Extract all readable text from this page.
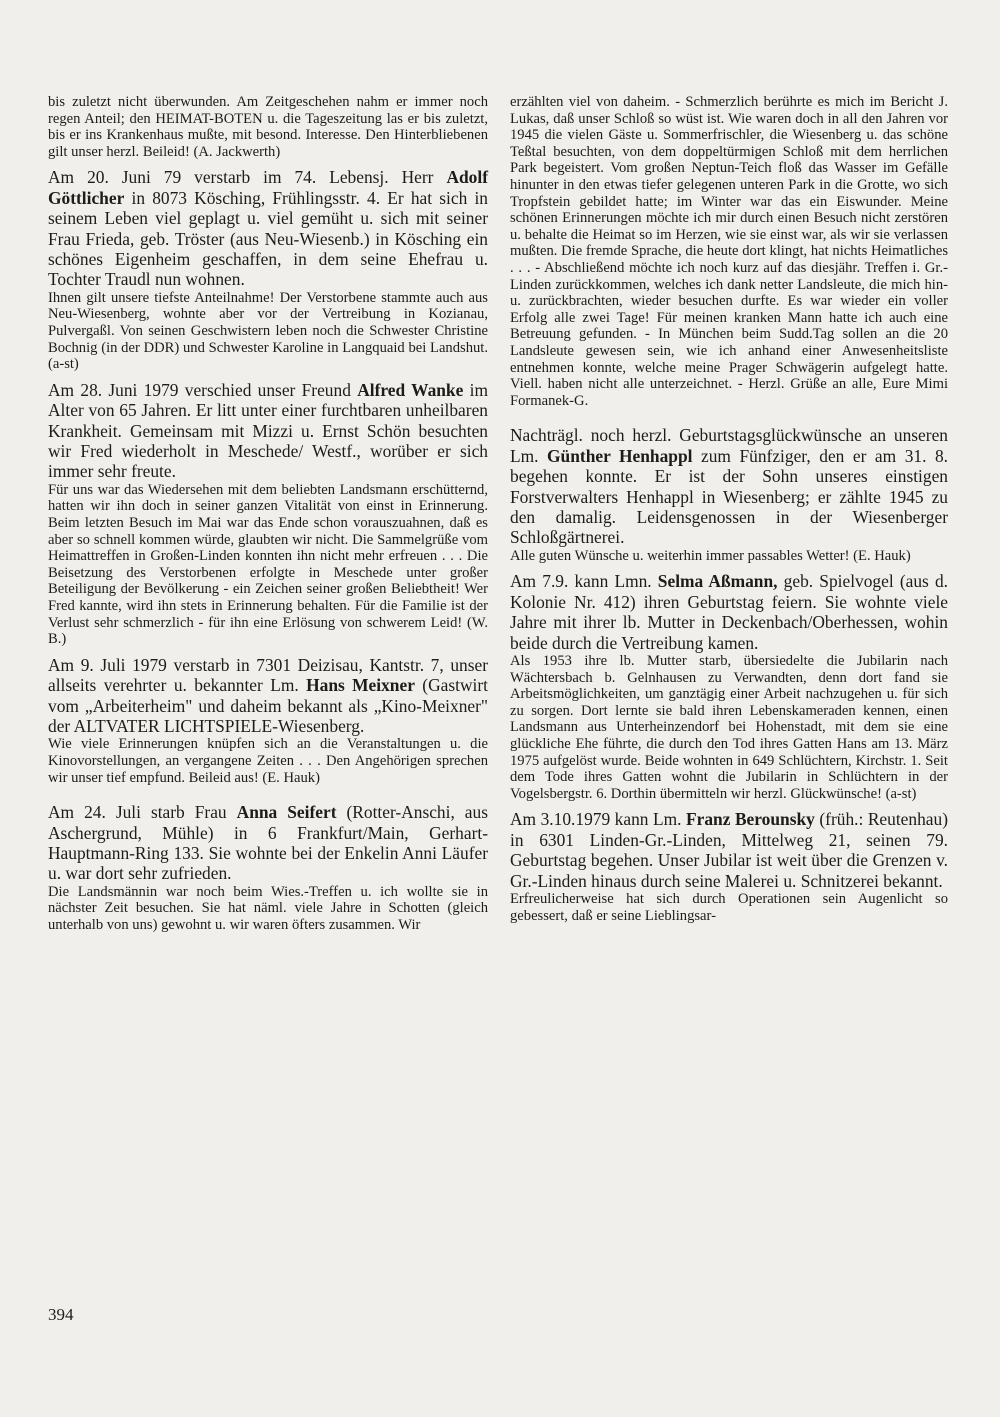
bis zuletzt nicht überwunden. Am Zeitgeschehen nahm er immer noch regen Anteil; den HEIMAT-BOTEN u. die Tageszeitung las er bis zuletzt, bis er ins Krankenhaus mußte, mit besond. Interesse. Den Hinterbliebenen gilt unser herzl. Beileid! (A. Jackwerth)

Am 20. Juni 79 verstarb im 74. Lebensj. Herr Adolf Göttlicher in 8073 Kösching, Frühlingsstr. 4. Er hat sich in seinem Leben viel geplagt u. viel gemüht u. sich mit seiner Frau Frieda, geb. Tröster (aus Neu-Wiesenb.) in Kösching ein schönes Eigenheim geschaffen, in dem seine Ehefrau u. Tochter Traudl nun wohnen.

Ihnen gilt unsere tiefste Anteilnahme! Der Verstorbene stammte auch aus Neu-Wiesenberg, wohnte aber vor der Vertreibung in Kozianau, Pulvergaßl. Von seinen Geschwistern leben noch die Schwester Christine Bochnig (in der DDR) und Schwester Karoline in Langquaid bei Landshut. (a-st)

Am 28. Juni 1979 verschied unser Freund Alfred Wanke im Alter von 65 Jahren. Er litt unter einer furchtbaren unheilbaren Krankheit. Gemeinsam mit Mizzi u. Ernst Schön besuchten wir Fred wiederholt in Meschede/ Westf., worüber er sich immer sehr freute.

Für uns war das Wiedersehen mit dem beliebten Landsmann erschütternd, hatten wir ihn doch in seiner ganzen Vitalität von einst in Erinnerung. Beim letzten Besuch im Mai war das Ende schon vorauszuahnen, daß es aber so schnell kommen würde, glaubten wir nicht. Die Sammelgrüße vom Heimattreffen in Großen-Linden konnten ihn nicht mehr erfreuen . . . Die Beisetzung des Verstorbenen erfolgte in Meschede unter großer Beteiligung der Bevölkerung - ein Zeichen seiner großen Beliebtheit! Wer Fred kannte, wird ihn stets in Erinnerung behalten. Für die Familie ist der Verlust sehr schmerzlich - für ihn eine Erlösung von schwerem Leid! (W. B.)

Am 9. Juli 1979 verstarb in 7301 Deizisau, Kantstr. 7, unser allseits verehrter u. bekannter Lm. Hans Meixner (Gastwirt vom „Arbeiterheim" und daheim bekannt als „Kino-Meixner" der ALTVATER LICHTSPIELE-Wiesenberg.

Wie viele Erinnerungen knüpfen sich an die Veranstaltungen u. die Kinovorstellungen, an vergangene Zeiten . . . Den Angehörigen sprechen wir unser tief empfund. Beileid aus! (E. Hauk)

Am 24. Juli starb Frau Anna Seifert (Rotter-Anschi, aus Aschergrund, Mühle) in 6 Frankfurt/Main, Gerhart-Hauptmann-Ring 133. Sie wohnte bei der Enkelin Anni Läufer u. war dort sehr zufrieden.

Die Landsmännin war noch beim Wies.-Treffen u. ich wollte sie in nächster Zeit besuchen. Sie hat näml. viele Jahre in Schotten (gleich unterhalb von uns) gewohnt u. wir waren öfters zusammen. Wir

erzählten viel von daheim. - Schmerzlich berührte es mich im Bericht J. Lukas, daß unser Schloß so wüst ist. Wie waren doch in all den Jahren vor 1945 die vielen Gäste u. Sommerfrischler, die Wiesenberg u. das schöne Teßtal besuchten, von dem doppeltürmigen Schloß mit dem herrlichen Park begeistert. Vom großen Neptun-Teich floß das Wasser im Gefälle hinunter in den etwas tiefer gelegenen unteren Park in die Grotte, wo sich Tropfstein gebildet hatte; im Winter war das ein Eiswunder. Meine schönen Erinnerungen möchte ich mir durch einen Besuch nicht zerstören u. behalte die Heimat so im Herzen, wie sie einst war, als wir sie verlassen mußten. Die fremde Sprache, die heute dort klingt, hat nichts Heimatliches . . . - Abschließend möchte ich noch kurz auf das diesjähr. Treffen i. Gr.-Linden zurückkommen, welches ich dank netter Landsleute, die mich hin- u. zurückbrachten, wieder besuchen durfte. Es war wieder ein voller Erfolg alle zwei Tage! Für meinen kranken Mann hatte ich auch eine Betreuung gefunden. - In München beim Sudd.Tag sollen an die 20 Landsleute gewesen sein, wie ich anhand einer Anwesenheitsliste entnehmen konnte, welche meine Prager Schwägerin aufgelegt hatte. Viell. haben nicht alle unterzeichnet. - Herzl. Grüße an alle, Eure Mimi Formanek-G.

Nachträgl. noch herzl. Geburtstagsglückwünsche an unseren Lm. Günther Henhappl zum Fünfziger, den er am 31. 8. begehen konnte. Er ist der Sohn unseres einstigen Forstverwalters Henhappl in Wiesenberg; er zählte 1945 zu den damalig. Leidensgenossen in der Wiesenberger Schloßgärtnerei.

Alle guten Wünsche u. weiterhin immer passables Wetter! (E. Hauk)

Am 7.9. kann Lmn. Selma Aßmann, geb. Spielvogel (aus d. Kolonie Nr. 412) ihren Geburtstag feiern. Sie wohnte viele Jahre mit ihrer lb. Mutter in Deckenbach/Oberhessen, wohin beide durch die Vertreibung kamen.

Als 1953 ihre lb. Mutter starb, übersiedelte die Jubilarin nach Wächtersbach b. Gelnhausen zu Verwandten, denn dort fand sie Arbeitsmöglichkeiten, um ganztägig einer Arbeit nachzugehen u. für sich zu sorgen. Dort lernte sie bald ihren Lebenskameraden kennen, einen Landsmann aus Unterheinzendorf bei Hohenstadt, mit dem sie eine glückliche Ehe führte, die durch den Tod ihres Gatten Hans am 13. März 1975 aufgelöst wurde. Beide wohnten in 649 Schlüchtern, Kirchstr. 1. Seit dem Tode ihres Gatten wohnt die Jubilarin in Schlüchtern in der Vogelsbergstr. 6. Dorthin übermitteln wir herzl. Glückwünsche! (a-st)

Am 3.10.1979 kann Lm. Franz Berounsky (früh.: Reutenhau) in 6301 Linden-Gr.-Linden, Mittelweg 21, seinen 79. Geburtstag begehen. Unser Jubilar ist weit über die Grenzen v. Gr.-Linden hinaus durch seine Malerei u. Schnitzerei bekannt.

Erfreulicherweise hat sich durch Operationen sein Augenlicht so gebessert, daß er seine Lieblingsar-

394
